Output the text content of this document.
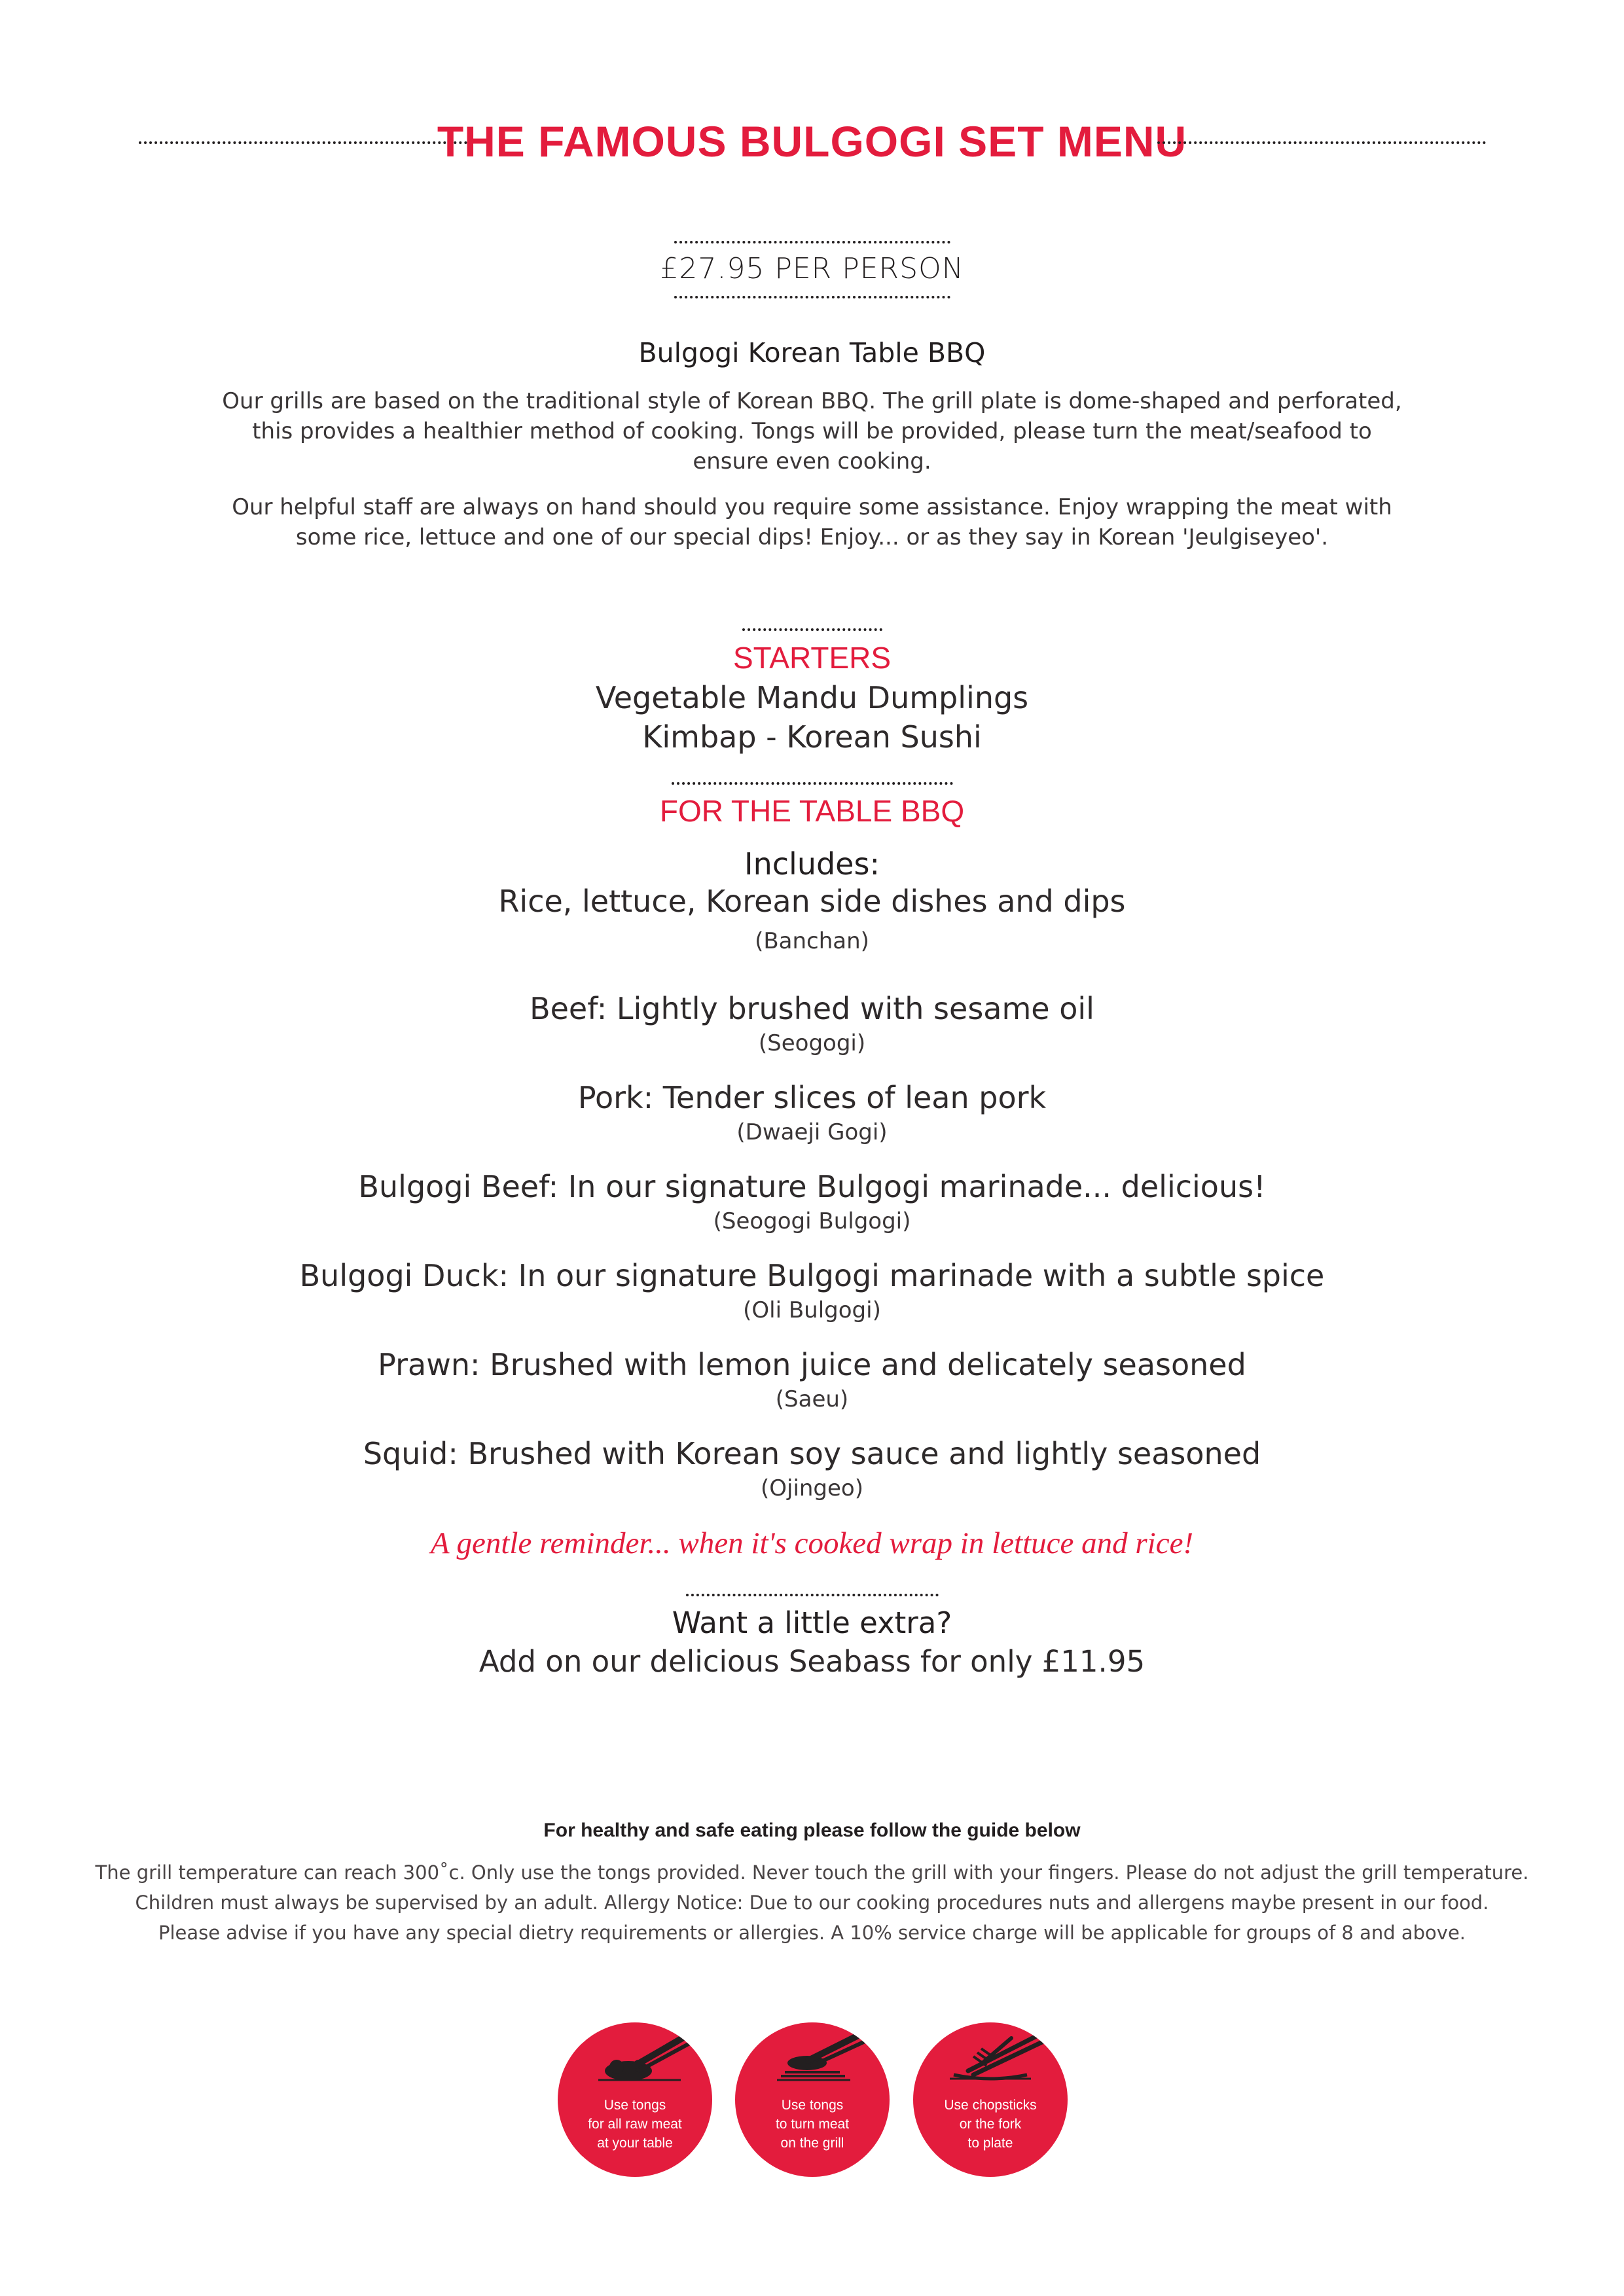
THE FAMOUS BULGOGI SET MENU
£27.95 PER PERSON
Bulgogi Korean Table BBQ
Our grills are based on the traditional style of Korean BBQ. The grill plate is dome-shaped and perforated,
this provides a healthier method of cooking. Tongs will be provided, please turn the meat/seafood to
ensure even cooking.
Our helpful staff are always on hand should you require some assistance. Enjoy wrapping the meat with
some rice, lettuce and one of our special dips! Enjoy... or as they say in Korean 'Jeulgiseyeo'.
STARTERS
Vegetable Mandu Dumplings
Kimbap - Korean Sushi
FOR THE TABLE BBQ
Includes:
Rice, lettuce, Korean side dishes and dips
(Banchan)
Beef: Lightly brushed with sesame oil
(Seogogi)
Pork: Tender slices of lean pork
(Dwaeji Gogi)
Bulgogi Beef: In our signature Bulgogi marinade... delicious!
(Seogogi Bulgogi)
Bulgogi Duck: In our signature Bulgogi marinade with a subtle spice
(Oli Bulgogi)
Prawn: Brushed with lemon juice and delicately seasoned
(Saeu)
Squid: Brushed with Korean soy sauce and lightly seasoned
(Ojingeo)
A gentle reminder... when it's cooked wrap in lettuce and rice!
Want a little extra?
Add on our delicious Seabass for only £11.95
For healthy and safe eating please follow the guide below
The grill temperature can reach 300˚c. Only use the tongs provided. Never touch the grill with your fingers. Please do not adjust the grill temperature.
Children must always be supervised by an adult. Allergy Notice: Due to our cooking procedures nuts and allergens maybe present in our food.
Please advise if you have any special dietry requirements or allergies. A 10% service charge will be applicable for groups of 8 and above.
Use tongs
for all raw meat
at your table
Use tongs
to turn meat
on the grill
Use chopsticks
or the fork
to plate
